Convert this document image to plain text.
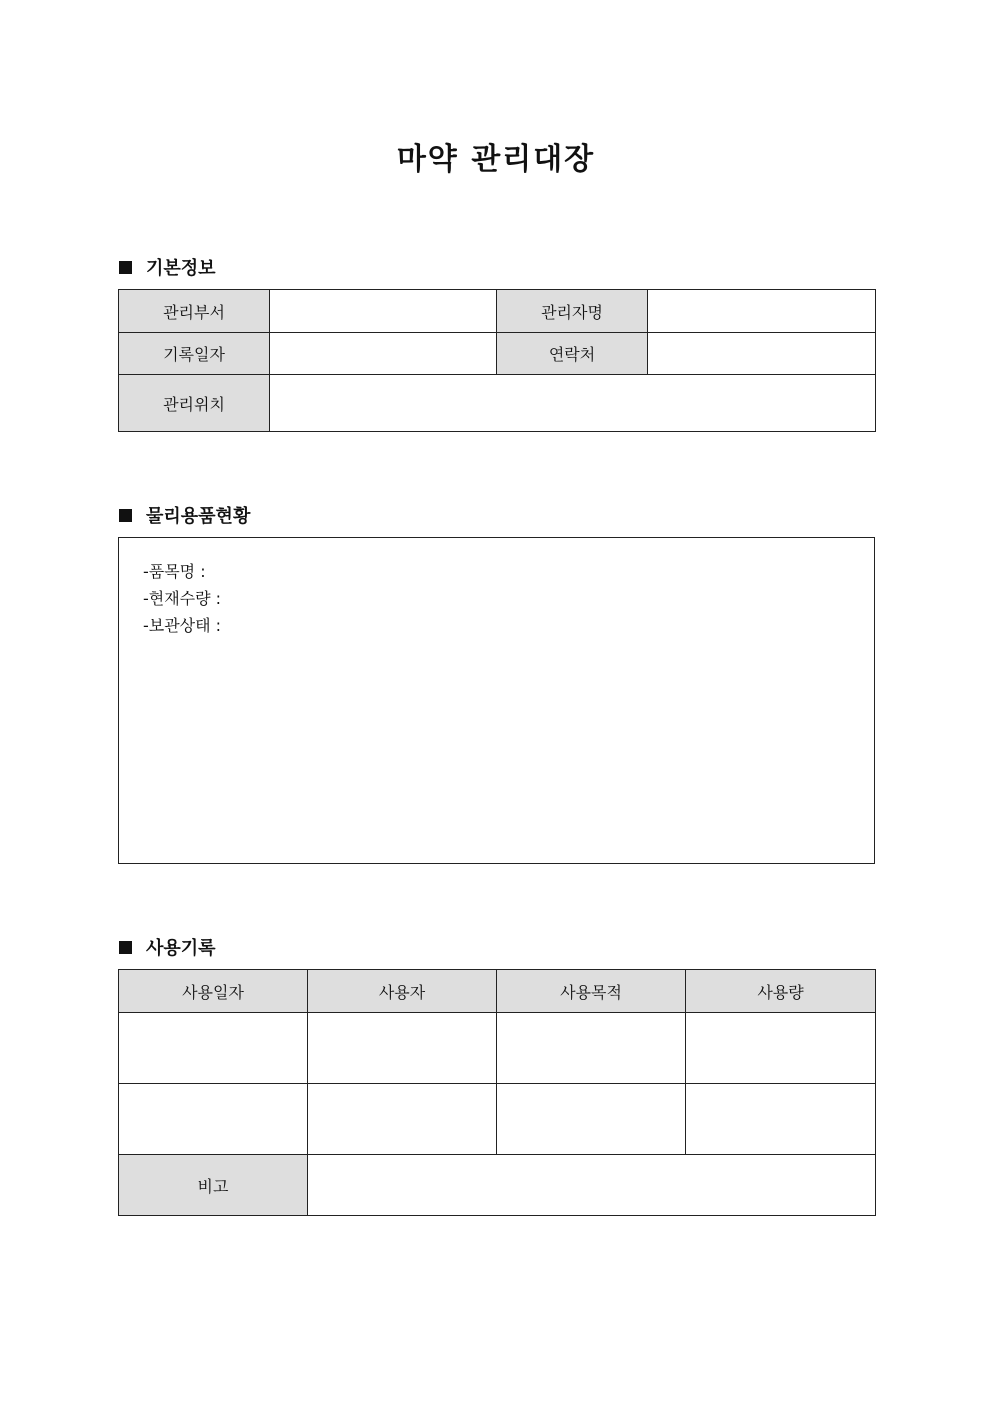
마약 관리대장
기본정보
관리부서		관리자명	
기록일자		연락처	
관리위치			
물리용품현황
-품목명 :
-현재수량 :
-보관상태 :
사용기록
사용일자	사용자	사용목적	사용량

비고			
